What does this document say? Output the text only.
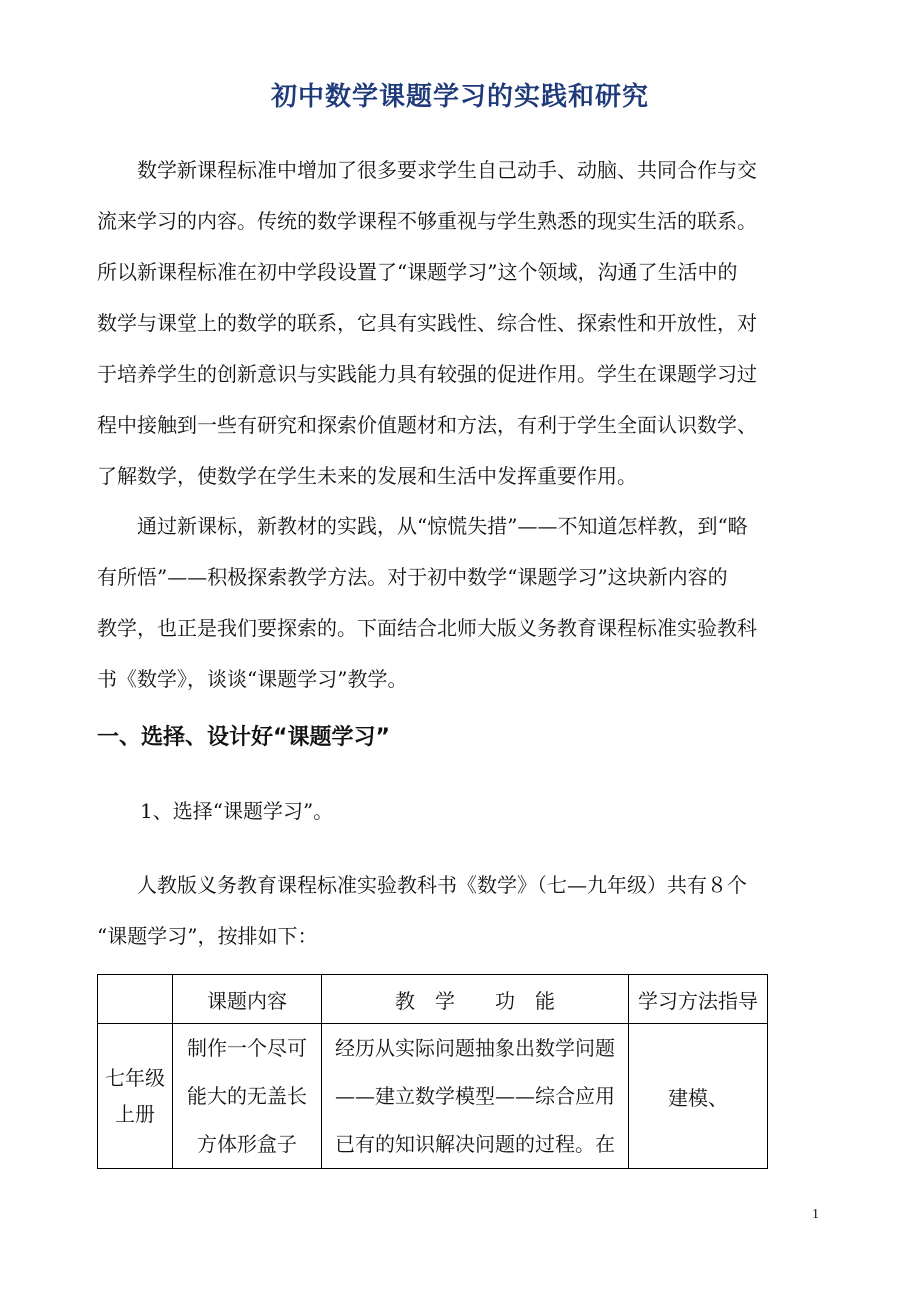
初中数学课题学习的实践和研究

　　数学新课程标准中增加了很多要求学生自己动手、动脑、共同合作与交
流来学习的内容。传统的数学课程不够重视与学生熟悉的现实生活的联系。
所以新课程标准在初中学段设置了“课题学习”这个领域，沟通了生活中的
数学与课堂上的数学的联系，它具有实践性、综合性、探索性和开放性，对
于培养学生的创新意识与实践能力具有较强的促进作用。学生在课题学习过
程中接触到一些有研究和探索价值题材和方法，有利于学生全面认识数学、
了解数学，使数学在学生未来的发展和生活中发挥重要作用。

　　通过新课标，新教材的实践，从“惊慌失措”——不知道怎样教，到“略
有所悟”——积极探索教学方法。对于初中数学“课题学习”这块新内容的
教学，也正是我们要探索的。下面结合北师大版义务教育课程标准实验教科
书《数学》，谈谈“课题学习”教学。

一、选择、设计好“课题学习”
1、选择“课题学习”。

　　人教版义务教育课程标准实验教科书《数学》（七—九年级）共有８个
“课题学习”，按排如下：

	课题内容	教　学　　功　能	学习方法指导

七年级
上册	制作一个尽可
能大的无盖长
方体形盒子	经历从实际问题抽象出数学问题
——建立数学模型——综合应用
已有的知识解决问题的过程。在	建模、
1
